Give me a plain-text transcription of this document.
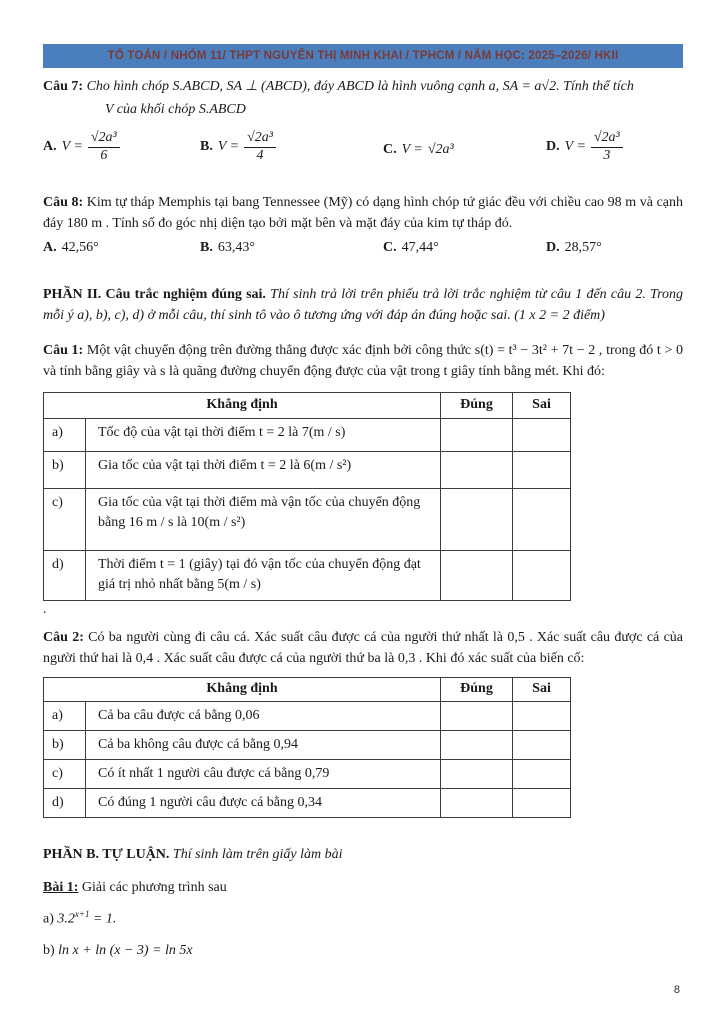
TỔ TOÁN / NHÓM 11/ THPT NGUYỄN THỊ MINH KHAI / TPHCM / NĂM HỌC: 2025–2026/ HKII

Câu 7: Cho hình chóp S.ABCD, SA ⊥ (ABCD), đáy ABCD là hình vuông cạnh a, SA = a√2. Tính thể tích

V của khối chóp S.ABCD

A. $V = \frac{\text{√2a³}}{6}$	B. $V = \frac{\text{√2a³}}{4}$	C. V = √2a³	D. $V = \frac{\text{√2a³}}{3}$

Câu 8: Kim tự tháp Memphis tại bang Tennessee (Mỹ) có dạng hình chóp tứ giác đều với chiều cao 98 m và cạnh đáy 180 m . Tính số đo góc nhị diện tạo bởi mặt bên và mặt đáy của kim tự tháp đó.

A. 42,56°	B. 63,43°	C. 47,44°	D. 28,57°

PHẦN II. Câu trắc nghiệm đúng sai. Thí sinh trả lời trên phiếu trả lời trắc nghiệm từ câu 1 đến câu 2. Trong mỗi ý a), b), c), d) ở mỗi câu, thí sinh tô vào ô tương ứng với đáp án đúng hoặc sai. (1 x 2 = 2 điểm)

Câu 1: Một vật chuyển động trên đường thẳng được xác định bởi công thức s(t) = t³ − 3t² + 7t − 2 , trong đó t > 0 và tính bằng giây và s là quãng đường chuyển động được của vật trong t giây tính bằng mét. Khi đó:

Khẳng định		Đúng	Sai
a)	Tốc độ của vật tại thời điểm t = 2 là 7(m / s)		
b)	Gia tốc của vật tại thời điểm t = 2 là 6(m / s²)		
c)	Gia tốc của vật tại thời điểm mà vận tốc của chuyển động bằng 16 m / s là 10(m / s²)		
d)	Thời điểm t = 1 (giây) tại đó vận tốc của chuyển động đạt giá trị nhỏ nhất bằng 5(m / s)		

.

Câu 2: Có ba người cùng đi câu cá. Xác suất câu được cá của người thứ nhất là 0,5 . Xác suất câu được cá của người thứ hai là 0,4 . Xác suất câu được cá của người thứ ba là 0,3 . Khi đó xác suất của biến cố:

Khẳng định		Đúng	Sai
a)	Cả ba câu được cá bằng 0,06		
b)	Cả ba không câu được cá bằng 0,94		
c)	Có ít nhất 1 người câu được cá bằng 0,79		
d)	Có đúng 1 người câu được cá bằng 0,34		

PHẦN B. TỰ LUẬN. Thí sinh làm trên giấy làm bài

Bài 1: Giải các phương trình sau

a) $3.2^{x+1} = 1$.

b) ln x + ln (x − 3) = ln 5x

8
